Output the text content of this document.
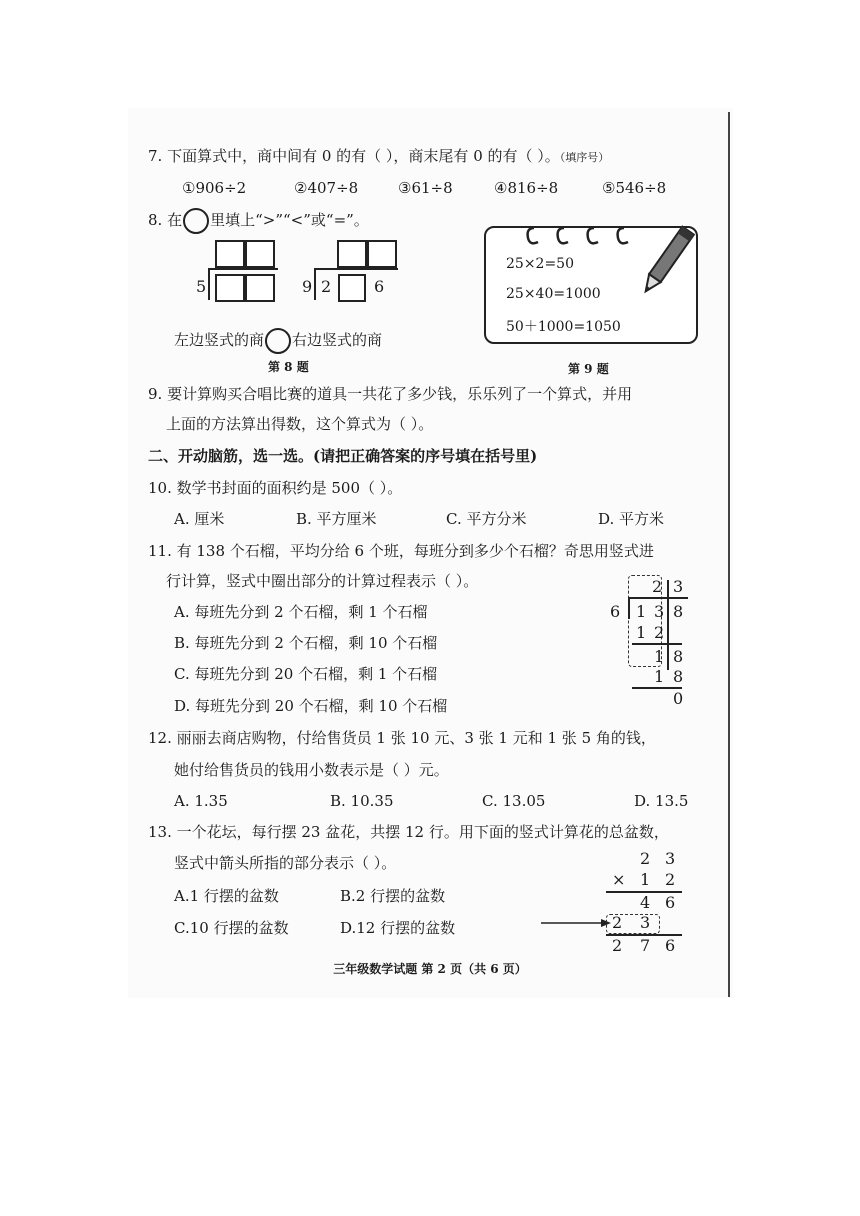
7. 下面算式中，商中间有 0 的有（ ），商末尾有 0 的有（ ）。（填序号）
①906÷2	②407÷8	③61÷8	④816÷8	⑤546÷8
8. 在 里填上“>”“<”或“=”。
5	9 2	6
左边竖式的商 右边竖式的商
第 8 题
25×2=50
25×40=1000
50＋1000=1050
第 9 题
9. 要计算购买合唱比赛的道具一共花了多少钱，乐乐列了一个算式，并用
上面的方法算出得数，这个算式为（ ）。
二、开动脑筋，选一选。(请把正确答案的序号填在括号里)
10. 数学书封面的面积约是 500（ ）。
A. 厘米	B. 平方厘米	C. 平方分米	D. 平方米
11. 有 138 个石榴，平均分给 6 个班，每班分到多少个石榴？奇思用竖式进
行计算，竖式中圈出部分的计算过程表示（ ）。
A. 每班先分到 2 个石榴，剩 1 个石榴
B. 每班先分到 2 个石榴，剩 10 个石榴
C. 每班先分到 20 个石榴，剩 1 个石榴
D. 每班先分到 20 个石榴，剩 10 个石榴
2 3
6 1 3 8
1 2
1 8
1 8
0
12. 丽丽去商店购物，付给售货员 1 张 10 元、3 张 1 元和 1 张 5 角的钱，
她付给售货员的钱用小数表示是（ ）元。
A. 1.35	B. 10.35	C. 13.05	D. 13.5
13. 一个花坛，每行摆 23 盆花，共摆 12 行。用下面的竖式计算花的总盆数，
竖式中箭头所指的部分表示（ ）。
A.1 行摆的盆数	B.2 行摆的盆数
C.10 行摆的盆数	D.12 行摆的盆数
2 3
× 1 2
4 6
2 3
2 7 6
三年级数学试题 第 2 页（共 6 页）
